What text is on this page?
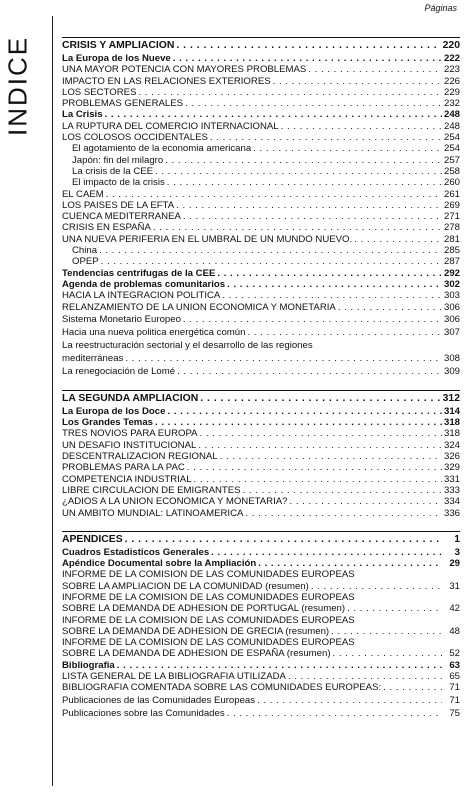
INDICE
Páginas
CRISIS Y AMPLIACION . . .	220
La Europa de los Nueve . . .	222
UNA MAYOR POTENCIA CON MAYORES PROBLEMAS . . .	223
IMPACTO EN LAS RELACIONES EXTERIORES . . .	226
LOS SECTORES . . .	229
PROBLEMAS GENERALES . . .	232
La Crisis . . .	248
LA RUPTURA DEL COMERCIO INTERNACIONAL . . .	248
LOS COLOSOS OCCIDENTALES . . .	254
El agotamiento de la economia americana . . .	254
Japón: fin del milagro . . .	257
La crisis de la CEE . . .	258
El impacto de la crisis . . .	260
EL CAEM . . .	261
LOS PAISES DE LA EFTA . . .	269
CUENCA MEDITERRANEA . . .	271
CRISIS EN ESPAÑA . . .	278
UNA NUEVA PERIFERIA EN EL UMBRAL DE UN MUNDO NUEVO. . . .	281
China . . .	285
OPEP . . .	287
Tendencias centrifugas de la CEE . . .	292
Agenda de problemas comunitarios . . .	302
HACIA LA INTEGRACION POLITICA . . .	303
RELANZAMIENTO DE LA UNION ECONOMICA Y MONETARIA . . .	306
Sistema Monetario Europeo . . .	306
Hacia una nueva politica energética común . . .	307
La reestructuración sectorial y el desarrollo de las regiones
mediterráneas . . .	308
La renegociación de Lomé . . .	309
LA SEGUNDA AMPLIACION . . .	312
La Europa de los Doce . . .	314
Los Grandes Temas . . .	318
TRES NOVIOS PARA EUROPA . . .	318
UN DESAFIO INSTITUCIONAL . . .	324
DESCENTRALIZACION REGIONAL . . .	326
PROBLEMAS PARA LA PAC . . .	329
COMPETENCIA INDUSTRIAL . . .	331
LIBRE CIRCULACION DE EMIGRANTES . . .	333
¿ADIOS A LA UNION ECONOMICA Y MONETARIA? . . .	334
UN AMBITO MUNDIAL: LATINOAMERICA . . .	336
APENDICES . . .	1
Cuadros Estadisticos Generales . . .	3
Apéndice Documental sobre la Ampliación . . .	29
INFORME DE LA COMISION DE LAS COMUNIDADES EUROPEAS
SOBRE LA AMPLIACION DE LA COMUNIDAD (resumen) . . .	31
INFORME DE LA COMISION DE LAS COMUNIDADES EUROPEAS
SOBRE LA DEMANDA DE ADHESION DE PORTUGAL (resumen) . . .	42
INFORME DE LA COMISION DE LAS COMUNIDADES EUROPEAS
SOBRE LA DEMANDA DE ADHESION DE GRECIA (resumen) . . .	48
INFORME DE LA COMISION DE LAS COMUNIDADES EUROPEAS
SOBRE LA DEMANDA DE ADHESION DE ESPAÑA (resumen) . . .	52
Bibliografia . . .	63
LISTA GENERAL DE LA BIBLIOGRAFIA UTILIZADA . . .	65
BIBLIOGRAFIA COMENTADA SOBRE LAS COMUNIDADES EUROPEAS: . . .	71
Publicaciones de las Comunidades Europeas . . .	71
Publicaciones sobre las Comunidades . . .	75
